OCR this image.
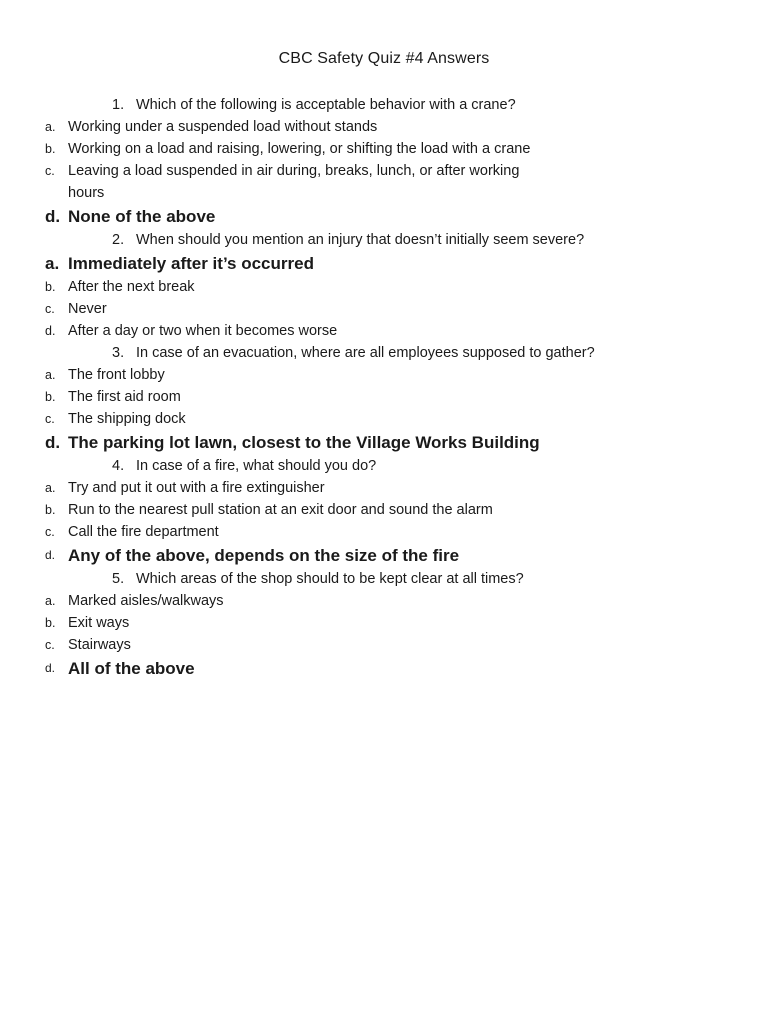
CBC Safety Quiz #4 Answers
1. Which of the following is acceptable behavior with a crane?
a. Working under a suspended load without stands
b. Working on a load and raising, lowering, or shifting the load with a crane
c. Leaving a load suspended in air during, breaks, lunch, or after working hours
d. None of the above
2. When should you mention an injury that doesn’t initially seem severe?
a. Immediately after it’s occurred
b. After the next break
c. Never
d. After a day or two when it becomes worse
3. In case of an evacuation, where are all employees supposed to gather?
a. The front lobby
b. The first aid room
c. The shipping dock
d. The parking lot lawn, closest to the Village Works Building
4. In case of a fire, what should you do?
a. Try and put it out with a fire extinguisher
b. Run to the nearest pull station at an exit door and sound the alarm
c. Call the fire department
d. Any of the above, depends on the size of the fire
5. Which areas of the shop should to be kept clear at all times?
a. Marked aisles/walkways
b. Exit ways
c. Stairways
d. All of the above
